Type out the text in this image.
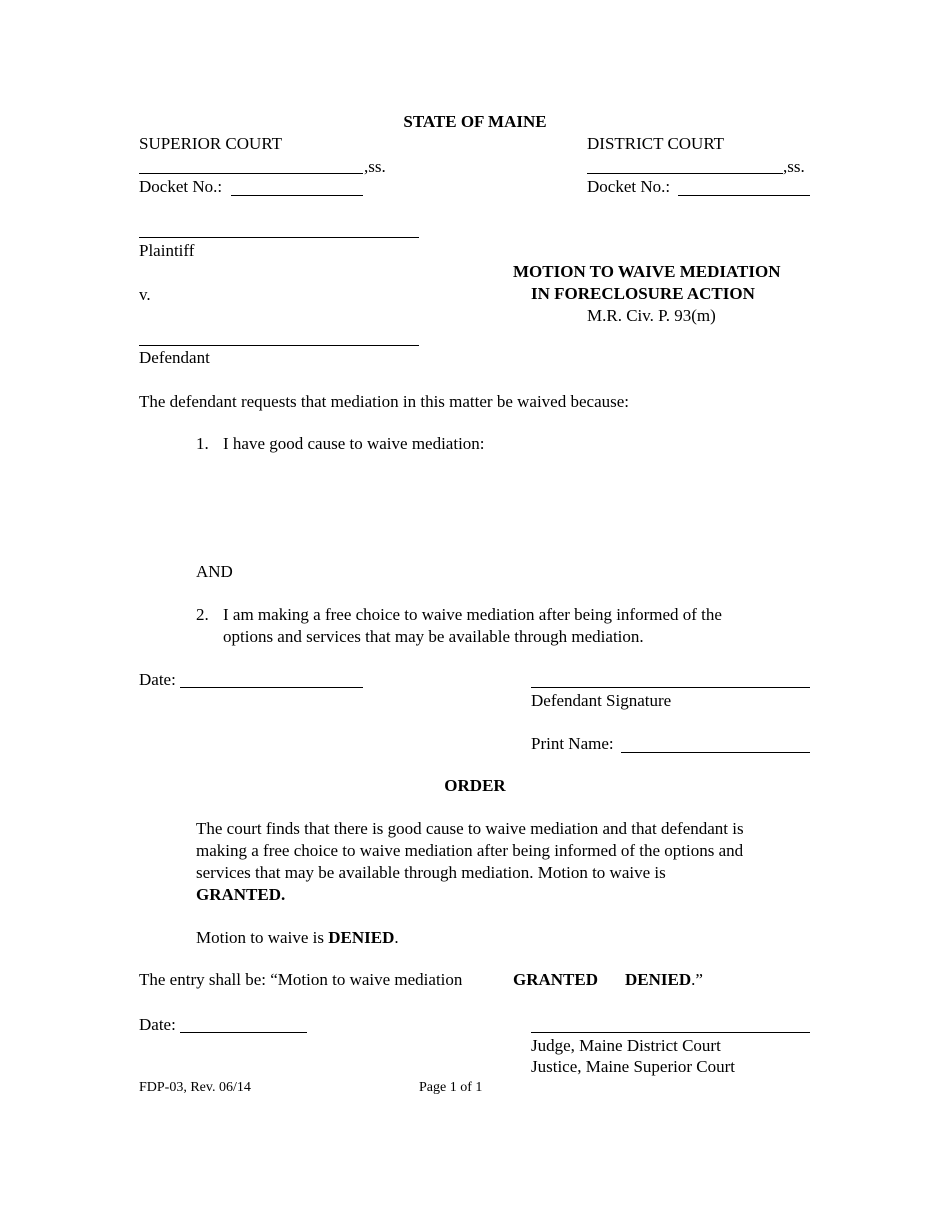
STATE OF MAINE
SUPERIOR COURT
,ss.
Docket No.:
DISTRICT COURT
,ss.
Docket No.:
Plaintiff
v.
Defendant
MOTION TO WAIVE MEDIATION
IN FORECLOSURE ACTION
M.R. Civ. P. 93(m)
The defendant requests that mediation in this matter be waived because:
1. I have good cause to waive mediation:
AND
2. I am making a free choice to waive mediation after being informed of the
options and services that may be available through mediation.
Date:
Defendant Signature
Print Name:
ORDER
The court finds that there is good cause to waive mediation and that defendant is
making a free choice to waive mediation after being informed of the options and
services that may be available through mediation. Motion to waive is
GRANTED.
Motion to waive is DENIED.
The entry shall be: “Motion to waive mediation	GRANTED DENIED.”
Date:
Judge, Maine District Court
Justice, Maine Superior Court
FDP-03, Rev. 06/14	Page 1 of 1
